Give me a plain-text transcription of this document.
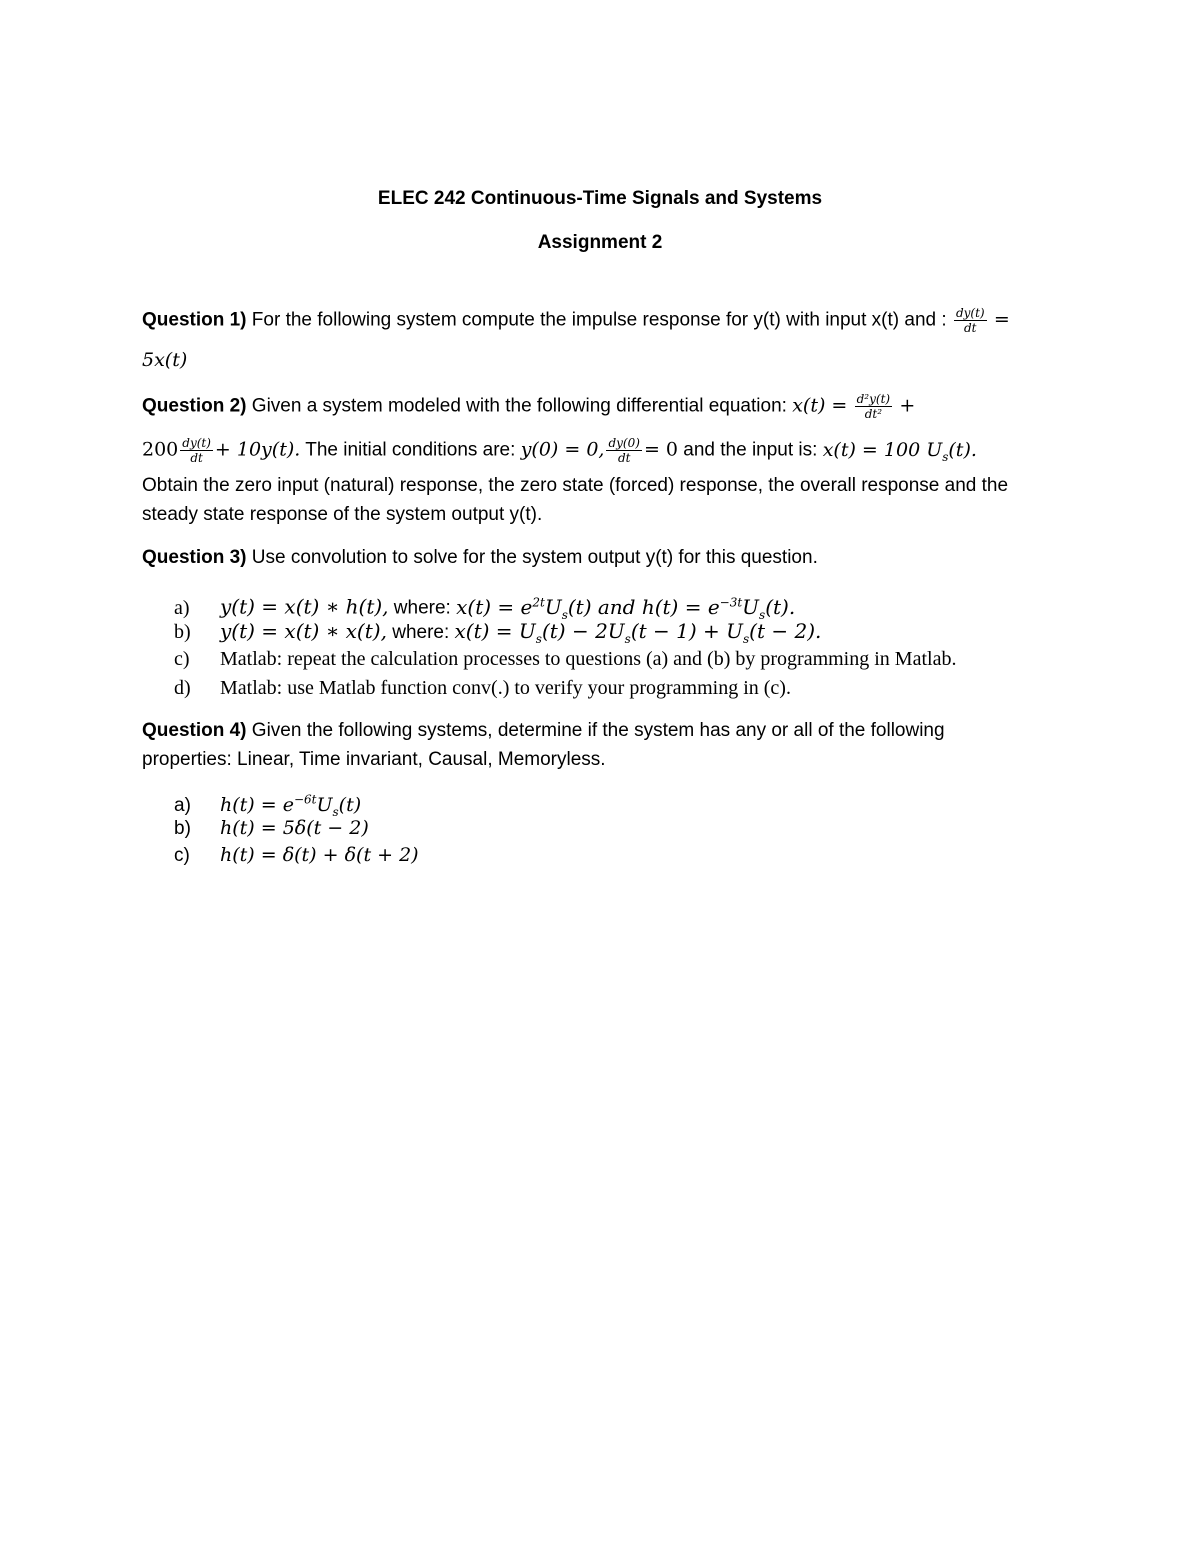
ELEC 242 Continuous-Time Signals and Systems
Assignment 2
Question 1) For the following system compute the impulse response for y(t) with input x(t) and : $\frac{dy(t)}{dt}$ =
5x(t)
Question 2) Given a system modeled with the following differential equation: $x(t) = \frac{\text{d²y(t)}}{\text{dt²}}$ +
$200 \frac{dy(t)}{dt} + 10y(t)$. The initial conditions are: y(0) = 0, $\frac{dy(0)}{dt} = 0$ and the input is: x(t) = 100 $U_s(t)$.
Obtain the zero input (natural) response, the zero state (forced) response, the overall response and the
steady state response of the system output y(t).
Question 3) Use convolution to solve for the system output y(t) for this question.
a) y(t) = x(t) ∗ h(t), where: $x(t) = e^{2t}U_s(t)$ and $h(t) = e^{-3t}U_s(t)$.
b) y(t) = x(t) ∗ x(t), where: $x(t) = U_s(t) - 2U_s(t - 1) + U_s(t - 2)$.
c) Matlab: repeat the calculation processes to questions (a) and (b) by programming in Matlab.
d) Matlab: use Matlab function conv(.) to verify your programming in (c).
Question 4) Given the following systems, determine if the system has any or all of the following
properties: Linear, Time invariant, Causal, Memoryless.
a) $h(t) = e^{-6t}U_s(t)$
b) h(t) = 5δ(t − 2)
c) h(t) = δ(t) + δ(t + 2)
